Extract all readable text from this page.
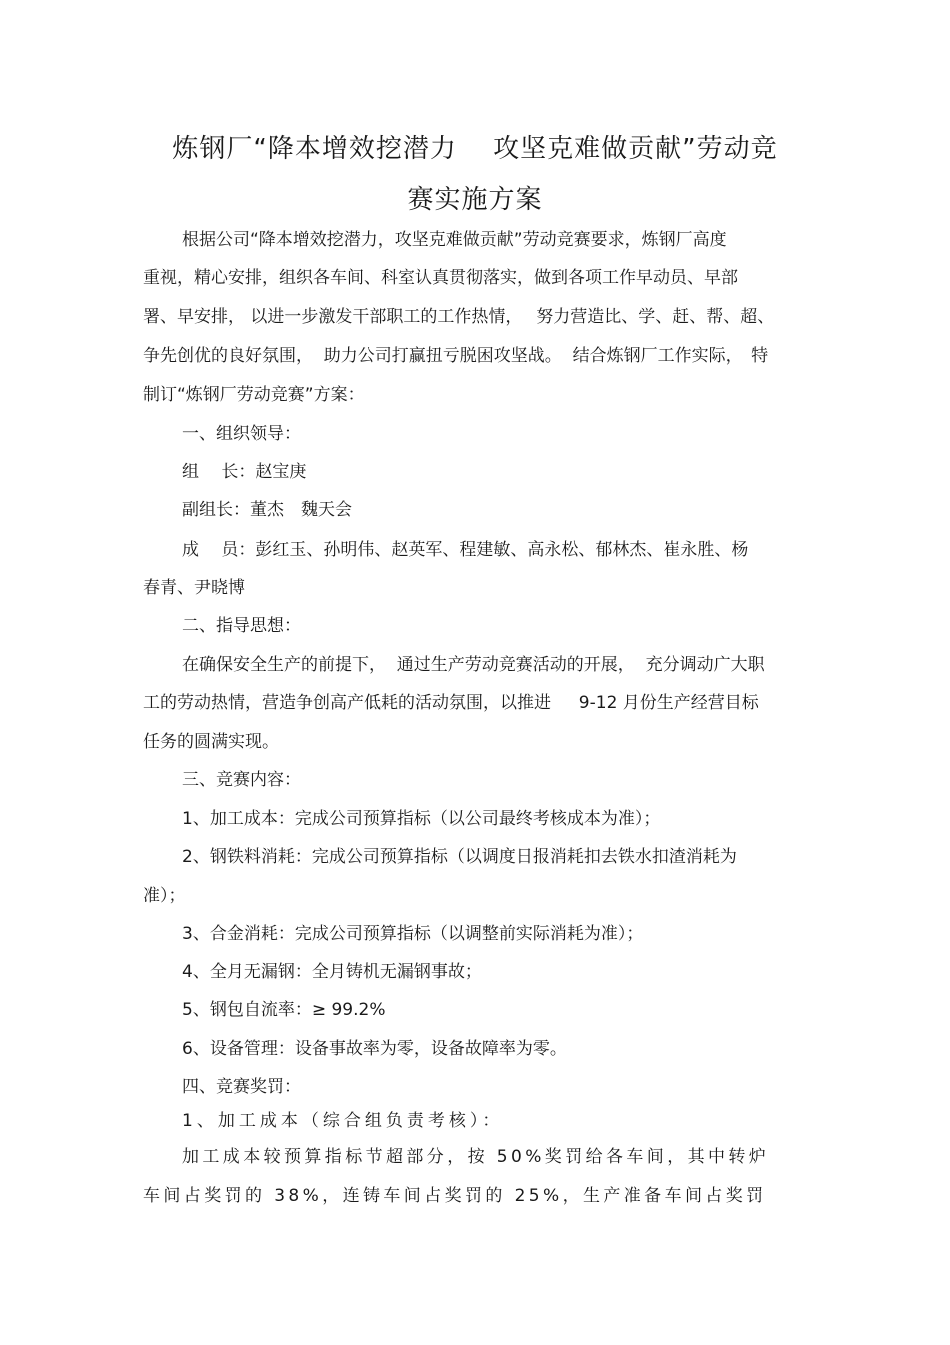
炼钢厂“降本增效挖潜力　 攻坚克难做贡献”劳动竞
赛实施方案
根据公司“降本增效挖潜力，攻坚克难做贡献”劳动竞赛要求，炼钢厂高度
重视，精心安排，组织各车间、科室认真贯彻落实，做到各项工作早动员、早部
署、早安排， 以进一步激发干部职工的工作热情，　 努力营造比、学、赶、帮、超、
争先创优的良好氛围，  助力公司打赢扭亏脱困攻坚战。  结合炼钢厂工作实际，　特
制订“炼钢厂劳动竞赛”方案：
一、组织领导：
组　 长：赵宝庚
副组长：董杰　魏天会
成　 员：彭红玉、孙明伟、赵英军、程建敏、高永松、郁林杰、崔永胜、杨
春青、尹晓博
二、指导思想：
在确保安全生产的前提下，  通过生产劳动竞赛活动的开展，  充分调动广大职
工的劳动热情，营造争创高产低耗的活动氛围，以推进　  9-12 月份生产经营目标
任务的圆满实现。
三、竞赛内容：
1、加工成本：完成公司预算指标（以公司最终考核成本为准）；
2、钢铁料消耗：完成公司预算指标（以调度日报消耗扣去铁水扣渣消耗为
准）；
3、合金消耗：完成公司预算指标（以调整前实际消耗为准）；
4、全月无漏钢：全月铸机无漏钢事故；
5、钢包自流率：≥ 99.2%
6、设备管理：设备事故率为零，设备故障率为零。
四、竞赛奖罚：
1、加工成本（综合组负责考核）：
加工成本较预算指标节超部分，按 50%奖罚给各车间，其中转炉
车间占奖罚的 38%，连铸车间占奖罚的 25%，生产准备车间占奖罚
